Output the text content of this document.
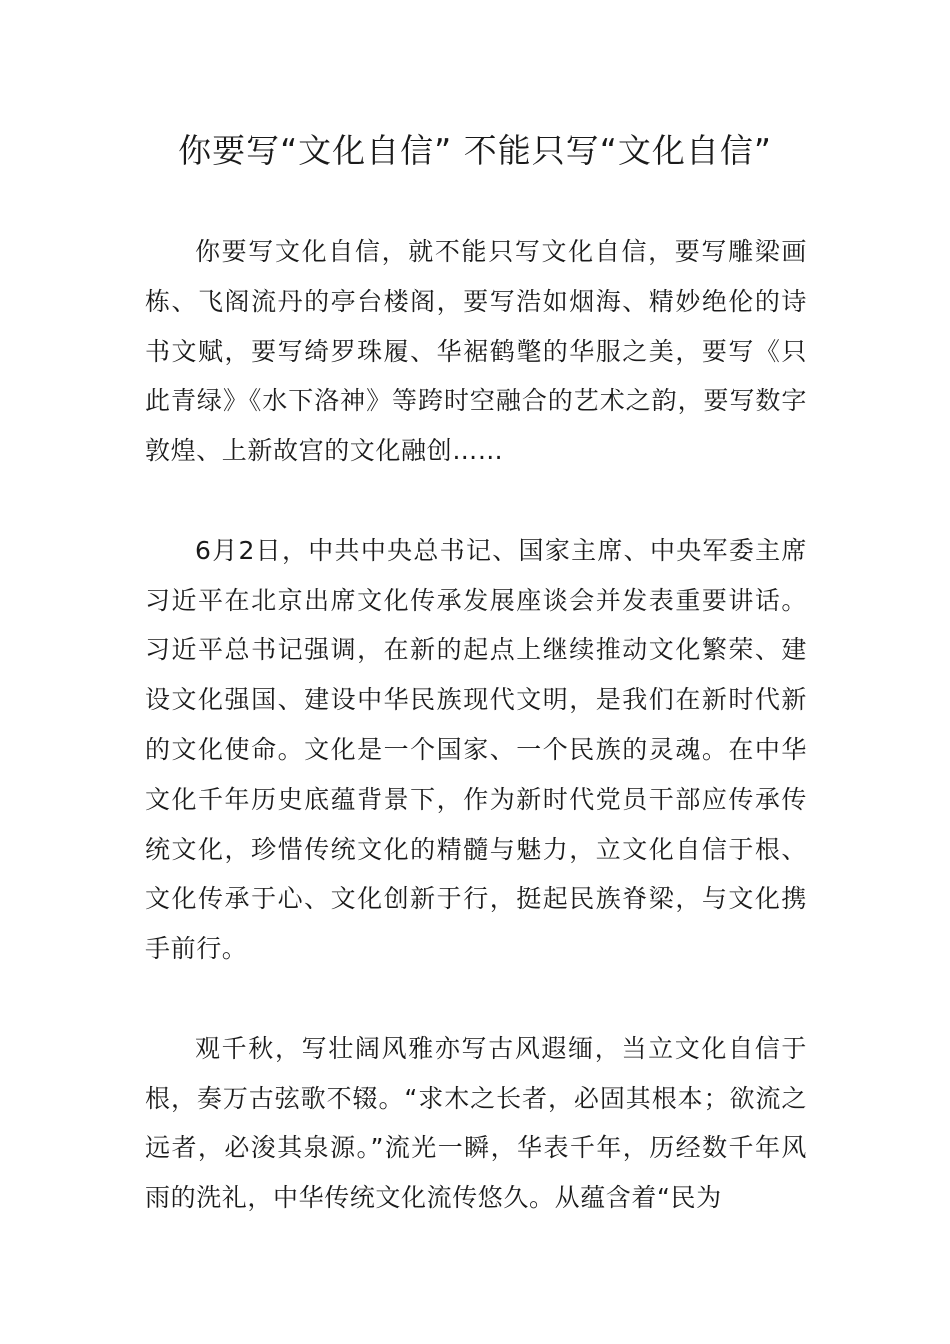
你要写“文化自信” 不能只写“文化自信”

你要写文化自信，就不能只写文化自信，要写雕梁画栋、飞阁流丹的亭台楼阁，要写浩如烟海、精妙绝伦的诗书文赋，要写绮罗珠履、华裾鹤氅的华服之美，要写《只此青绿》《水下洛神》等跨时空融合的艺术之韵，要写数字敦煌、上新故宫的文化融创……

6月2日，中共中央总书记、国家主席、中央军委主席习近平在北京出席文化传承发展座谈会并发表重要讲话。习近平总书记强调，在新的起点上继续推动文化繁荣、建设文化强国、建设中华民族现代文明，是我们在新时代新的文化使命。文化是一个国家、一个民族的灵魂。在中华文化千年历史底蕴背景下，作为新时代党员干部应传承传统文化，珍惜传统文化的精髓与魅力，立文化自信于根、文化传承于心、文化创新于行，挺起民族脊梁，与文化携手前行。

观千秋，写壮阔风雅亦写古风遐缅，当立文化自信于根，奏万古弦歌不辍。“求木之长者，必固其根本；欲流之远者，必浚其泉源。”流光一瞬，华表千年，历经数千年风雨的洗礼，中华传统文化流传悠久。从蕴含着“民为
